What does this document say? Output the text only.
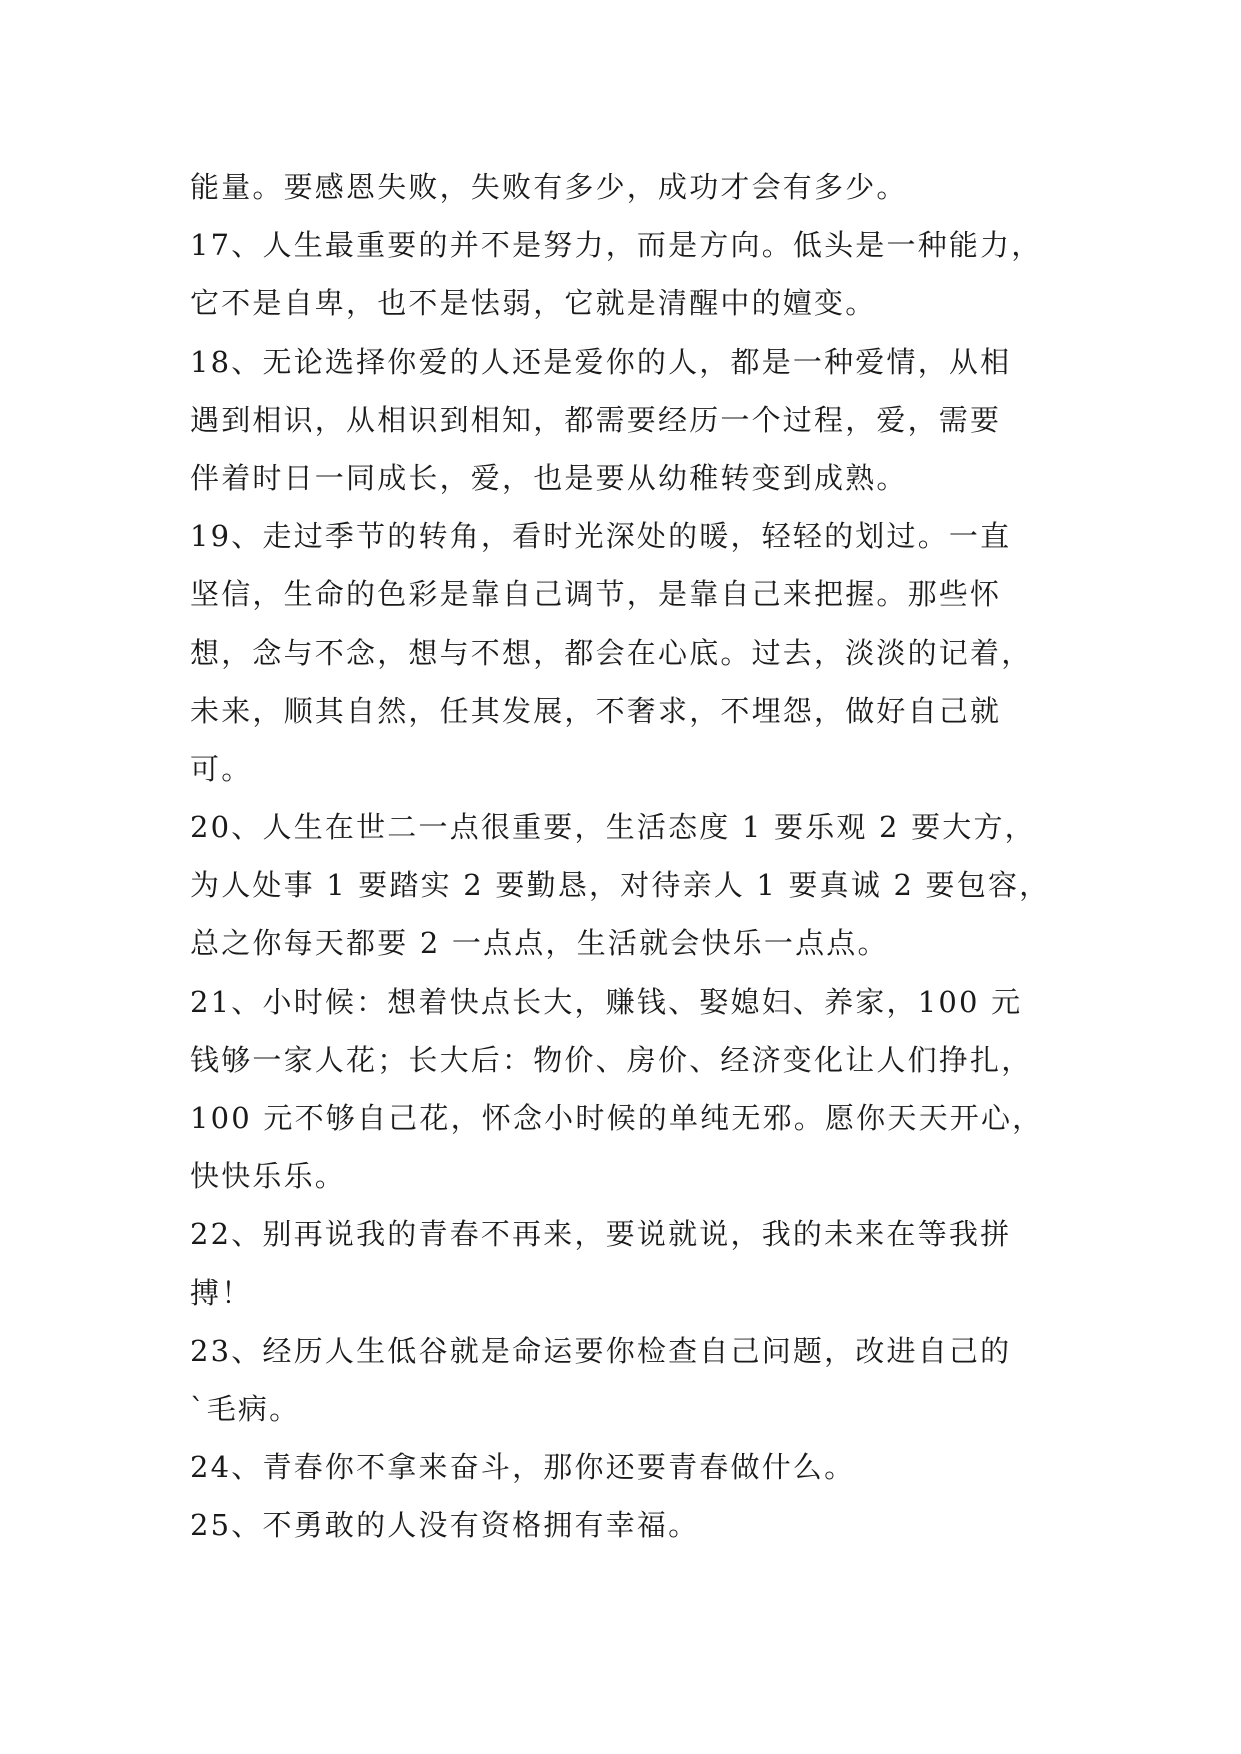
能量。要感恩失败，失败有多少，成功才会有多少。
17、人生最重要的并不是努力，而是方向。低头是一种能力，
它不是自卑，也不是怯弱，它就是清醒中的嬗变。
18、无论选择你爱的人还是爱你的人，都是一种爱情，从相
遇到相识，从相识到相知，都需要经历一个过程，爱，需要
伴着时日一同成长，爱，也是要从幼稚转变到成熟。
19、走过季节的转角，看时光深处的暖，轻轻的划过。一直
坚信，生命的色彩是靠自己调节，是靠自己来把握。那些怀
想，念与不念，想与不想，都会在心底。过去，淡淡的记着，
未来，顺其自然，任其发展，不奢求，不埋怨，做好自己就
可。
20、人生在世二一点很重要，生活态度 1 要乐观 2 要大方，
为人处事 1 要踏实 2 要勤恳，对待亲人 1 要真诚 2 要包容，
总之你每天都要 2 一点点，生活就会快乐一点点。
21、小时候：想着快点长大，赚钱、娶媳妇、养家，100 元
钱够一家人花；长大后：物价、房价、经济变化让人们挣扎，
100 元不够自己花，怀念小时候的单纯无邪。愿你天天开心，
快快乐乐。
22、别再说我的青春不再来，要说就说，我的未来在等我拼
搏！
23、经历人生低谷就是命运要你检查自己问题，改进自己的
`毛病。
24、青春你不拿来奋斗，那你还要青春做什么。
25、不勇敢的人没有资格拥有幸福。
